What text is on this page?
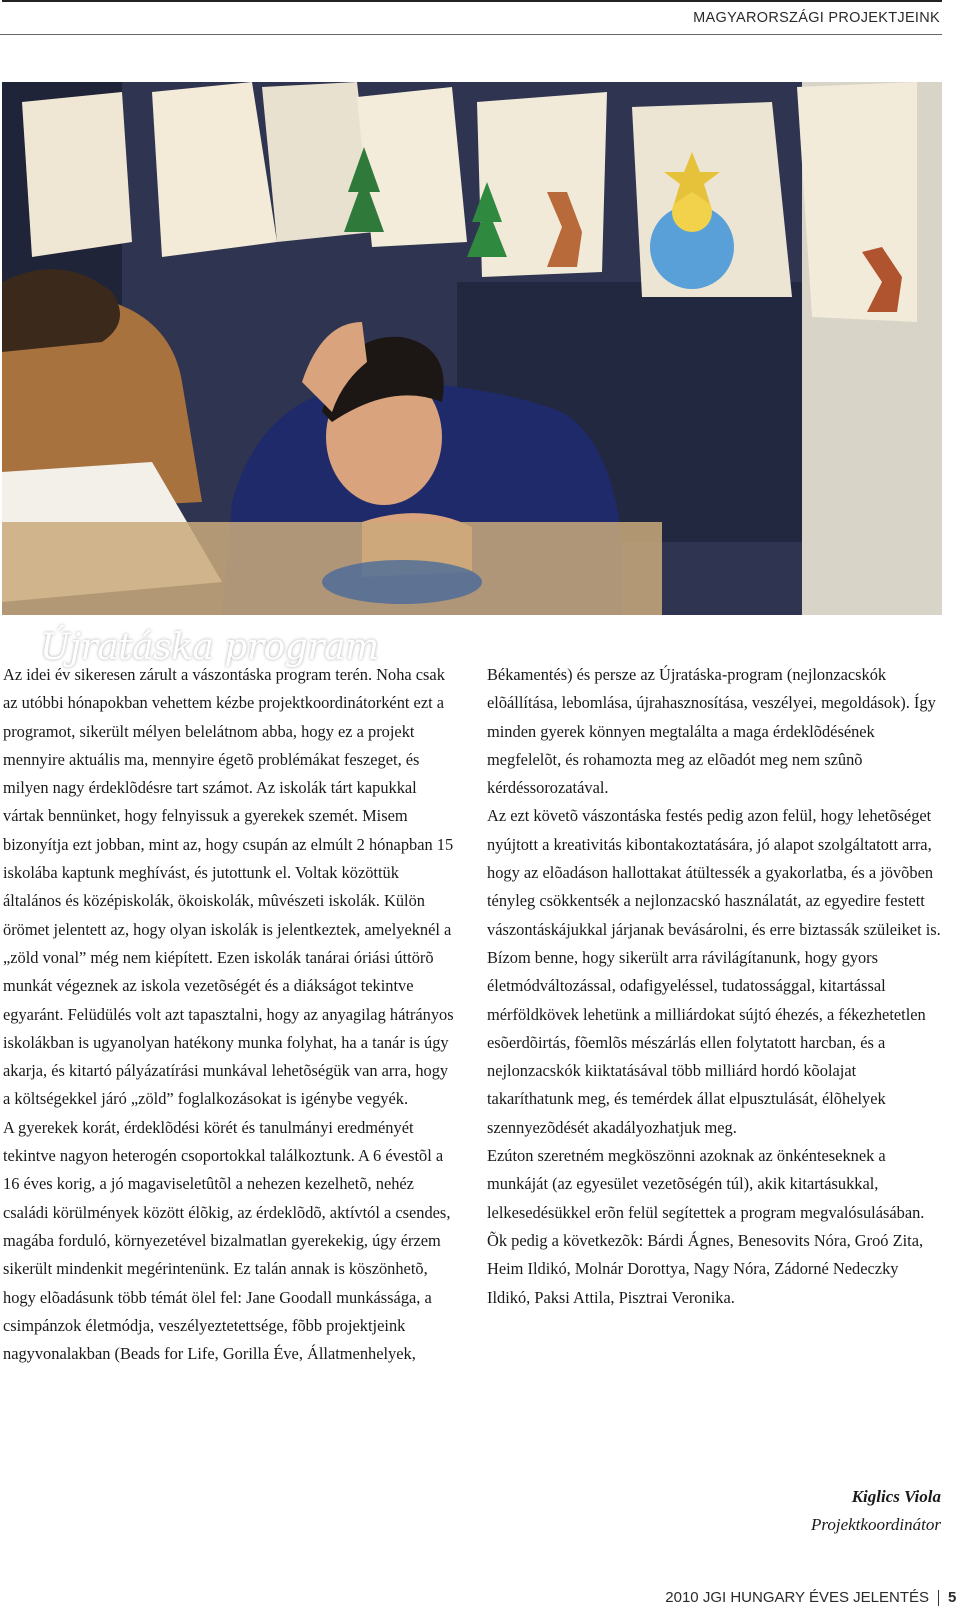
MAGYARORSZÁGI PROJEKTJEINK
Újratáska program

Az idei év sikeresen zárult a vászontáska program terén. Noha csak az utóbbi hónapokban vehettem kézbe projektkoordinátorként ezt a programot, sikerült mélyen belelátnom abba, hogy ez a projekt mennyire aktuális ma, mennyire égetõ problémákat feszeget, és milyen nagy érdeklõdésre tart számot. Az iskolák tárt kapukkal vártak bennünket, hogy felnyissuk a gyerekek szemét. Misem bizonyítja ezt jobban, mint az, hogy csupán az elmúlt 2 hónapban 15 iskolába kaptunk meghívást, és jutottunk el. Voltak közöttük általános és középiskolák, ökoiskolák, mûvészeti iskolák. Külön örömet jelentett az, hogy olyan iskolák is jelentkeztek, amelyeknél a „zöld vonal” még nem kiépített. Ezen iskolák tanárai óriási úttörõ munkát végeznek az iskola vezetõségét és a diákságot tekintve egyaránt. Felüdülés volt azt tapasztalni, hogy az anyagilag hátrányos iskolákban is ugyanolyan hatékony munka folyhat, ha a tanár is úgy akarja, és kitartó pályázatírási munkával lehetõségük van arra, hogy a költségekkel járó „zöld” foglalkozásokat is igénybe vegyék.

A gyerekek korát, érdeklõdési körét és tanulmányi eredményét tekintve nagyon heterogén csoportokkal találkoztunk. A 6 évestõl a 16 éves korig, a jó magaviseletûtõl a nehezen kezelhetõ, nehéz családi körülmények között élõkig, az érdeklõdõ, aktívtól a csendes, magába forduló, környezetével bizalmatlan gyerekekig, úgy érzem sikerült mindenkit megérintenünk. Ez talán annak is köszönhetõ, hogy elõadásunk több témát ölel fel: Jane Goodall munkássága, a csimpánzok életmódja, veszélyeztetettsége, fõbb projektjeink nagyvonalakban (Beads for Life, Gorilla Éve, Állatmenhelyek,

Békamentés) és persze az Újratáska-program (nejlonzacskók elõállítása, lebomlása, újrahasznosítása, veszélyei, megoldások). Így minden gyerek könnyen megtalálta a maga érdeklõdésének megfelelõt, és rohamozta meg az elõadót meg nem szûnõ kérdéssorozatával.

Az ezt követõ vászontáska festés pedig azon felül, hogy lehetõséget nyújtott a kreativitás kibontakoztatására, jó alapot szolgáltatott arra, hogy az elõadáson hallottakat átültessék a gyakorlatba, és a jövõben tényleg csökkentsék a nejlonzacskó használatát, az egyedire festett vászontáskájukkal járjanak bevásárolni, és erre biztassák szüleiket is.

Bízom benne, hogy sikerült arra rávilágítanunk, hogy gyors életmódváltozással, odafigyeléssel, tudatossággal, kitartással mérföldkövek lehetünk a milliárdokat sújtó éhezés, a fékezhetetlen esõerdõirtás, fõemlõs mészárlás ellen folytatott harcban, és a nejlonzacskók kiiktatásával több milliárd hordó kõolajat takaríthatunk meg, és temérdek állat elpusztulását, élõhelyek szennyezõdését akadályozhatjuk meg.

Ezúton szeretném megköszönni azoknak az önkénteseknek a munkáját (az egyesület vezetõségén túl), akik kitartásukkal, lelkesedésükkel erõn felül segítettek a program megvalósulásában. Õk pedig a következõk: Bárdi Ágnes, Benesovits Nóra, Groó Zita, Heim Ildikó, Molnár Dorottya, Nagy Nóra, Zádorné Nedeczky Ildikó, Paksi Attila, Pisztrai Veronika.

Kiglics Viola
Projektkoordinátor
2010 JGI HUNGARY ÉVES JELENTÉS 5
